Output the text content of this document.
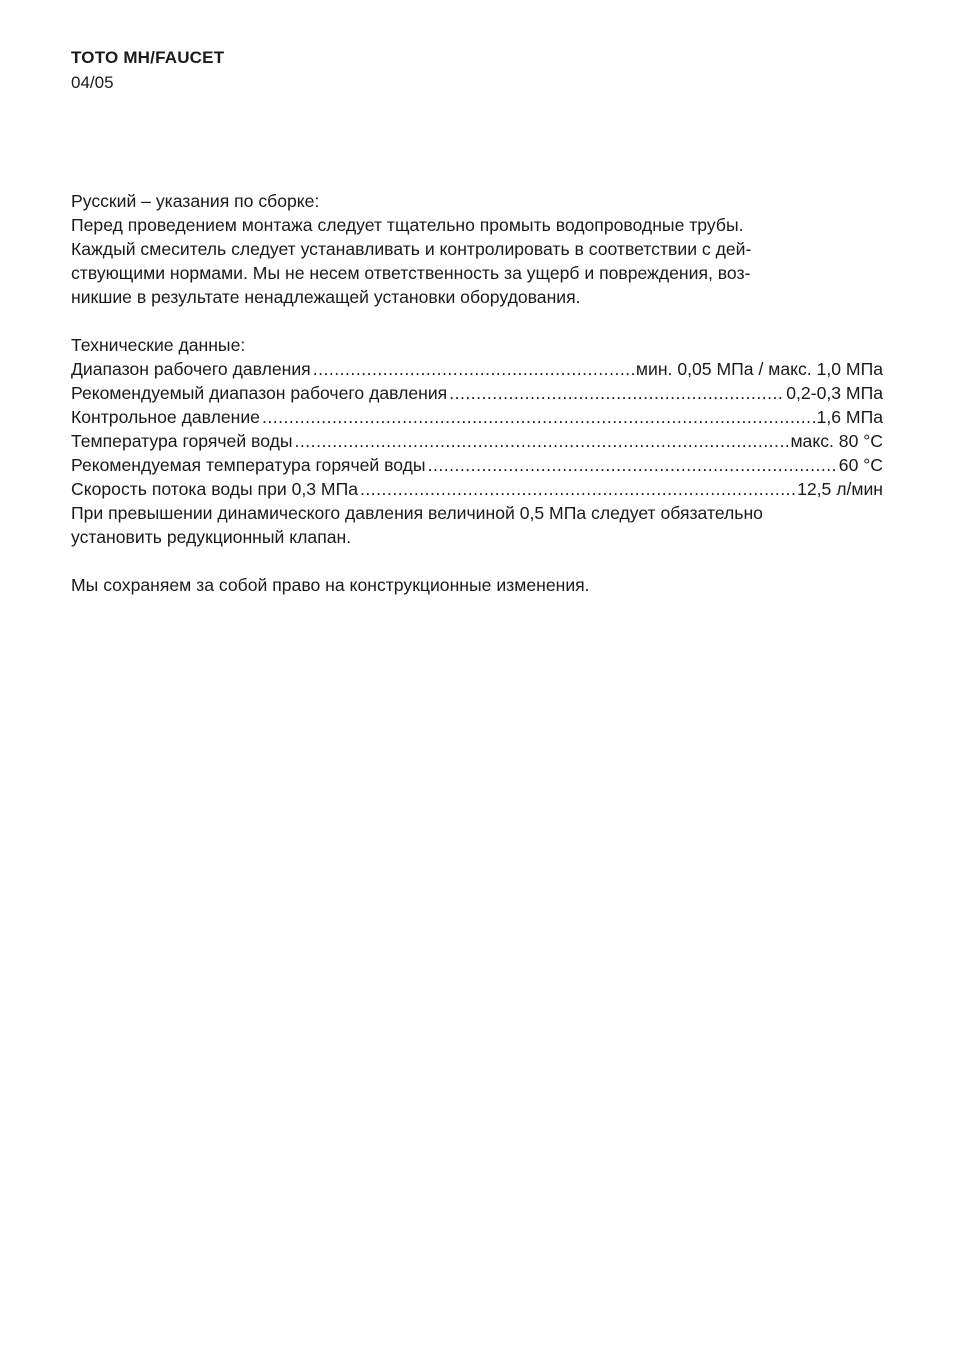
TOTO MH/FAUCET
04/05

Русский – указания по сборке:

Перед проведением монтажа следует тщательно промыть водопроводные трубы.

Каждый смеситель следует устанавливать и контролировать в соответствии с дей-

ствующими нормами. Мы не несем ответственность за ущерб и повреждения, воз-

никшие в результате ненадлежащей установки оборудования.

Технические данные:

Диапазон рабочего давления .....	мин. 0,05 МПа / макс. 1,0 МПа
Рекомендуемый диапазон рабочего давления .....	0,2-0,3 МПа
Контрольное давление .....	1,6 МПа
Температура горячей воды .....	макс. 80 °C
Рекомендуемая температура горячей воды .....	60 °C
Скорость потока воды при 0,3 МПа .....	12,5 л/мин

При превышении динамического давления величиной 0,5 МПа следует обязательно

установить редукционный клапан.

Мы сохраняем за собой право на конструкционные изменения.
